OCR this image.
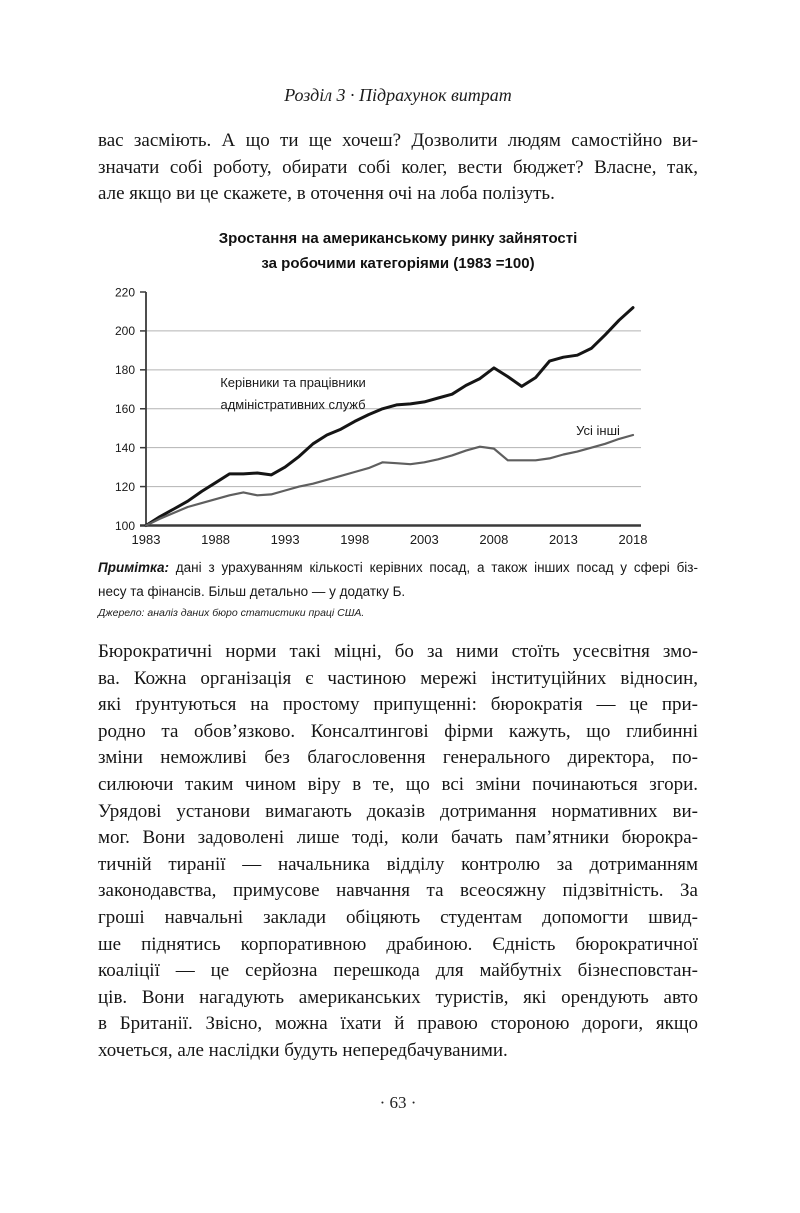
Розділ 3 · Підрахунок витрат
вас засміють. А що ти ще хочеш? Дозволити людям самостійно ви-
значати собі роботу, обирати собі колег, вести бюджет? Власне, так,
але якщо ви це скажете, в оточення очі на лоба полізуть.
Зростання на американському ринку зайнятості
за робочими категоріями (1983 =100)
100
120
140
160
180
200
220
1983	1988	1993	1998	2003	2008	2013	2018
Керівники та працівники
адміністративних служб
Усі інші
Примітка: дані з урахуванням кількості керівних посад, а також інших посад у сфері біз-
несу та фінансів. Більш детально — у додатку Б.
Джерело: аналіз даних бюро статистики праці США.
Бюрократичні норми такі міцні, бо за ними стоїть усесвітня змо-
ва. Кожна організація є частиною мережі інституційних відносин,
які ґрунтуються на простому припущенні: бюрократія — це при-
родно та обов’язково. Консалтингові фірми кажуть, що глибинні
зміни неможливі без благословення генерального директора, по-
силюючи таким чином віру в те, що всі зміни починаються згори.
Урядові установи вимагають доказів дотримання нормативних ви-
мог. Вони задоволені лише тоді, коли бачать пам’ятники бюрокра-
тичній тиранії — начальника відділу контролю за дотриманням
законодавства, примусове навчання та всеосяжну підзвітність. За
гроші навчальні заклади обіцяють студентам допомогти швид-
ше піднятись корпоративною драбиною. Єдність бюрократичної
коаліції — це серйозна перешкода для майбутніх бізнесповстан-
ців. Вони нагадують американських туристів, які орендують авто
в Британії. Звісно, можна їхати й правою стороною дороги, якщо
хочеться, але наслідки будуть непередбачуваними.
· 63 ·
